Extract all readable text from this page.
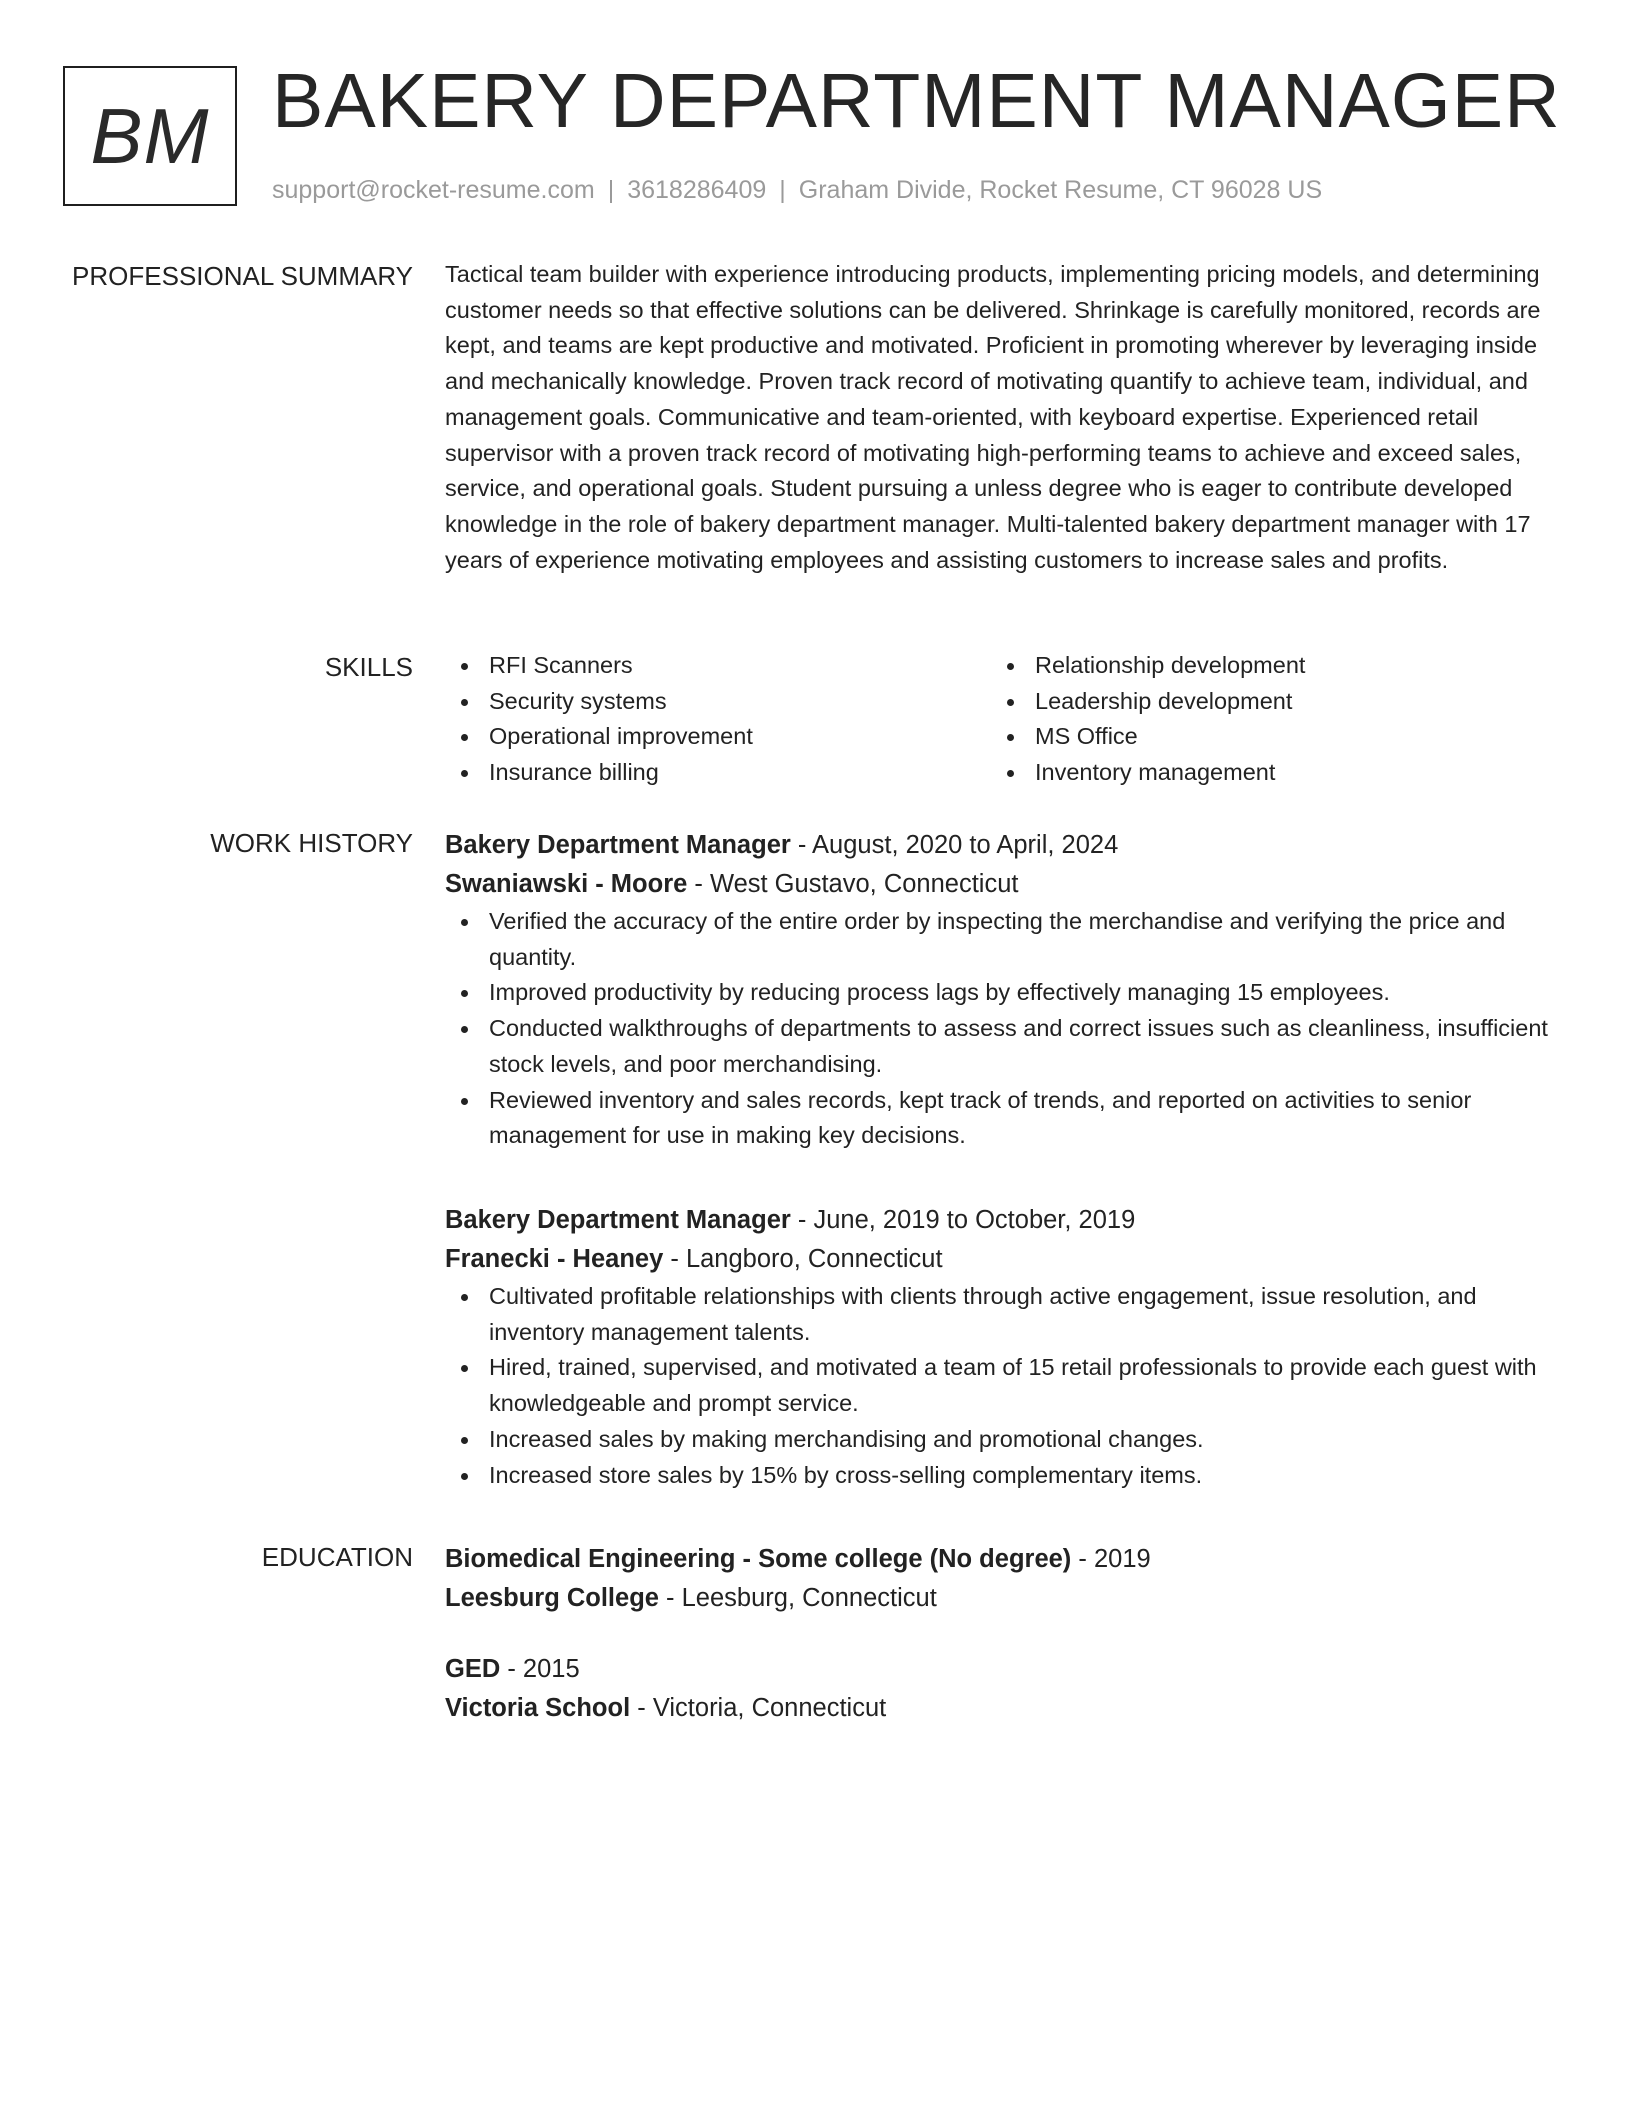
BM BAKERY DEPARTMENT MANAGER
support@rocket-resume.com | 3618286409 | Graham Divide, Rocket Resume, CT 96028 US
PROFESSIONAL SUMMARY Tactical team builder with experience introducing products, implementing pricing models, and determining customer needs so that effective solutions can be delivered. Shrinkage is carefully monitored, records are kept, and teams are kept productive and motivated. Proficient in promoting wherever by leveraging inside and mechanically knowledge. Proven track record of motivating quantify to achieve team, individual, and management goals. Communicative and team-oriented, with keyboard expertise. Experienced retail supervisor with a proven track record of motivating high-performing teams to achieve and exceed sales, service, and operational goals. Student pursuing a unless degree who is eager to contribute developed knowledge in the role of bakery department manager. Multi-talented bakery department manager with 17 years of experience motivating employees and assisting customers to increase sales and profits.

SKILLS	RFI Scanners
Security systems
Operational improvement
Insurance billing
Relationship development
Leadership development
MS Office
Inventory management
WORK HISTORY Bakery Department Manager - August, 2020 to April, 2024
Swaniawski - Moore - West Gustavo, Connecticut
Verified the accuracy of the entire order by inspecting the merchandise and verifying the price and quantity.
Improved productivity by reducing process lags by effectively managing 15 employees.
Conducted walkthroughs of departments to assess and correct issues such as cleanliness, insufficient stock levels, and poor merchandising.
Reviewed inventory and sales records, kept track of trends, and reported on activities to senior management for use in making key decisions.
Bakery Department Manager - June, 2019 to October, 2019
Franecki - Heaney - Langboro, Connecticut
Cultivated profitable relationships with clients through active engagement, issue resolution, and inventory management talents.
Hired, trained, supervised, and motivated a team of 15 retail professionals to provide each guest with knowledgeable and prompt service.
Increased sales by making merchandising and promotional changes.
Increased store sales by 15% by cross-selling complementary items.
EDUCATION Biomedical Engineering - Some college (No degree) - 2019
Leesburg College - Leesburg, Connecticut
GED - 2015
Victoria School - Victoria, Connecticut
